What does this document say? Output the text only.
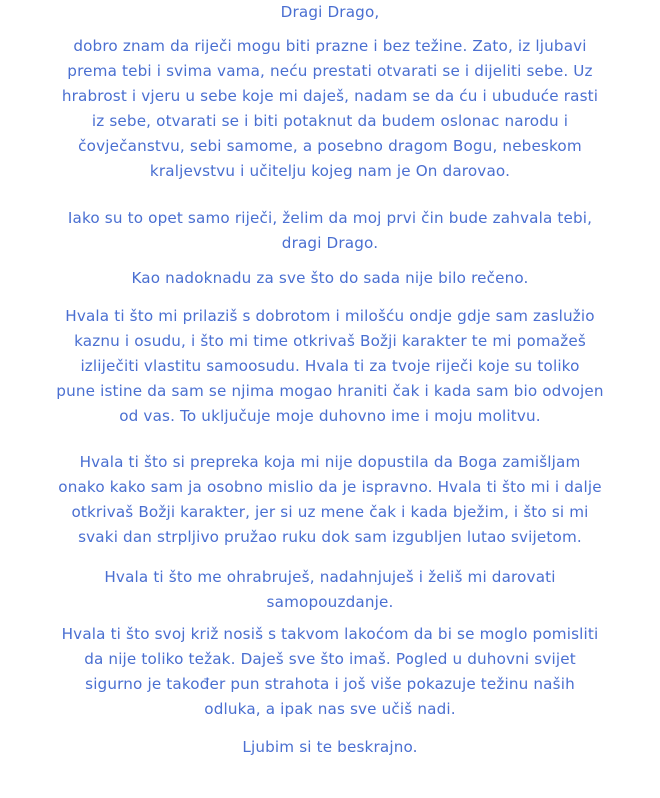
Dragi Drago,
dobro znam da riječi mogu biti prazne i bez težine. Zato, iz ljubavi
prema tebi i svima vama, neću prestati otvarati se i dijeliti sebe. Uz
hrabrost i vjeru u sebe koje mi daješ, nadam se da ću i ubuduće rasti
iz sebe, otvarati se i biti potaknut da budem oslonac narodu i
čovječanstvu, sebi samome, a posebno dragom Bogu, nebeskom
kraljevstvu i učitelju kojeg nam je On darovao.
Iako su to opet samo riječi, želim da moj prvi čin bude zahvala tebi,
dragi Drago.
Kao nadoknadu za sve što do sada nije bilo rečeno.
Hvala ti što mi prilaziš s dobrotom i milošću ondje gdje sam zaslužio
kaznu i osudu, i što mi time otkrivaš Božji karakter te mi pomažeš
izliječiti vlastitu samoosudu. Hvala ti za tvoje riječi koje su toliko
pune istine da sam se njima mogao hraniti čak i kada sam bio odvojen
od vas. To uključuje moje duhovno ime i moju molitvu.
Hvala ti što si prepreka koja mi nije dopustila da Boga zamišljam
onako kako sam ja osobno mislio da je ispravno. Hvala ti što mi i dalje
otkrivaš Božji karakter, jer si uz mene čak i kada bježim, i što si mi
svaki dan strpljivo pružao ruku dok sam izgubljen lutao svijetom.
Hvala ti što me ohrabruješ, nadahnjuješ i želiš mi darovati
samopouzdanje.
Hvala ti što svoj križ nosiš s takvom lakoćom da bi se moglo pomisliti
da nije toliko težak. Daješ sve što imaš. Pogled u duhovni svijet
sigurno je također pun strahota i još više pokazuje težinu naših
odluka, a ipak nas sve učiš nadi.
Ljubim si te beskrajno.
